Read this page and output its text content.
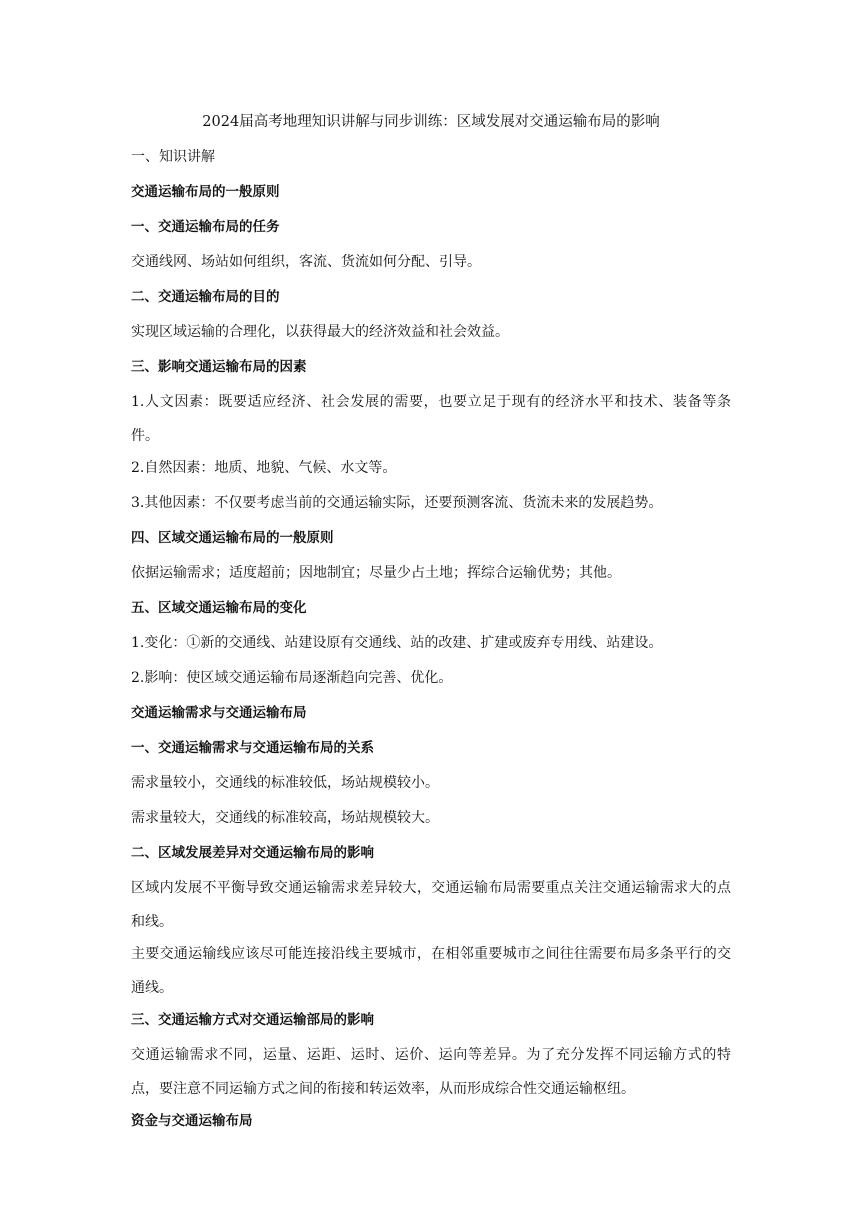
2024届高考地理知识讲解与同步训练：区域发展对交通运输布局的影响
一、知识讲解
交通运输布局的一般原则
一、交通运输布局的任务
交通线网、场站如何组织，客流、货流如何分配、引导。
二、交通运输布局的目的
实现区域运输的合理化，以获得最大的经济效益和社会效益。
三、影响交通运输布局的因素
1.人文因素：既要适应经济、社会发展的需要，也要立足于现有的经济水平和技术、装备等条件。
2.自然因素：地质、地貌、气候、水文等。
3.其他因素：不仅要考虑当前的交通运输实际，还要预测客流、货流未来的发展趋势。
四、区域交通运输布局的一般原则
依据运输需求；适度超前；因地制宜；尽量少占土地；挥综合运输优势；其他。
五、区域交通运输布局的变化
1.变化：①新的交通线、站建设原有交通线、站的改建、扩建或废弃专用线、站建设。
2.影响：使区域交通运输布局逐渐趋向完善、优化。
交通运输需求与交通运输布局
一、交通运输需求与交通运输布局的关系
需求量较小，交通线的标准较低，场站规模较小。
需求量较大，交通线的标准较高，场站规模较大。
二、区域发展差异对交通运输布局的影响
区域内发展不平衡导致交通运输需求差异较大，交通运输布局需要重点关注交通运输需求大的点和线。
主要交通运输线应该尽可能连接沿线主要城市，在相邻重要城市之间往往需要布局多条平行的交通线。
三、交通运输方式对交通运输部局的影响
交通运输需求不同，运量、运距、运时、运价、运向等差异。为了充分发挥不同运输方式的特点，要注意不同运输方式之间的衔接和转运效率，从而形成综合性交通运输枢纽。
资金与交通运输布局
